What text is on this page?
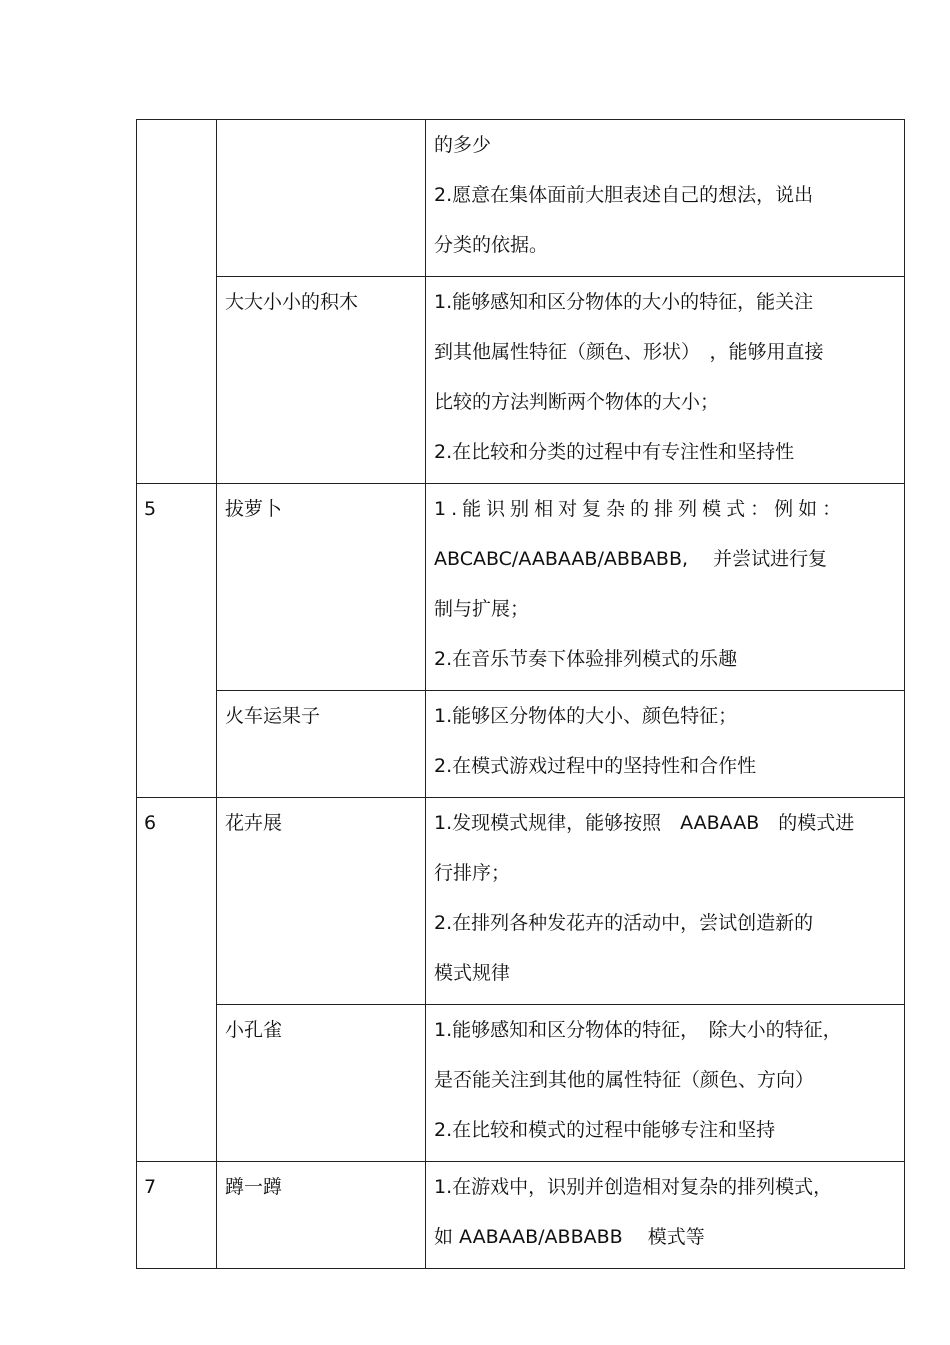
		的多少
2.愿意在集体面前大胆表述自己的想法，说出
分类的依据。

	大大小小的积木	1.能够感知和区分物体的大小的特征，能关注
到其他属性特征（颜色、形状）　，能够用直接
比较的方法判断两个物体的大小；
2.在比较和分类的过程中有专注性和坚持性

5	拔萝卜	1.能识别相对复杂的排列模式：例如：
ABCABC/AABAAB/ABBABB,　 并尝试进行复
制与扩展；
2.在音乐节奏下体验排列模式的乐趣

	火车运果子	1.能够区分物体的大小、颜色特征；
2.在模式游戏过程中的坚持性和合作性

6	花卉展	1.发现模式规律，能够按照　AABAAB　的模式进
行排序；
2.在排列各种发花卉的活动中，尝试创造新的
模式规律

	小孔雀	1.能够感知和区分物体的特征，　除大小的特征，
是否能关注到其他的属性特征（颜色、方向）
2.在比较和模式的过程中能够专注和坚持

7	蹲一蹲	1.在游戏中，识别并创造相对复杂的排列模式，
如 AABAAB/ABBABB　 模式等
